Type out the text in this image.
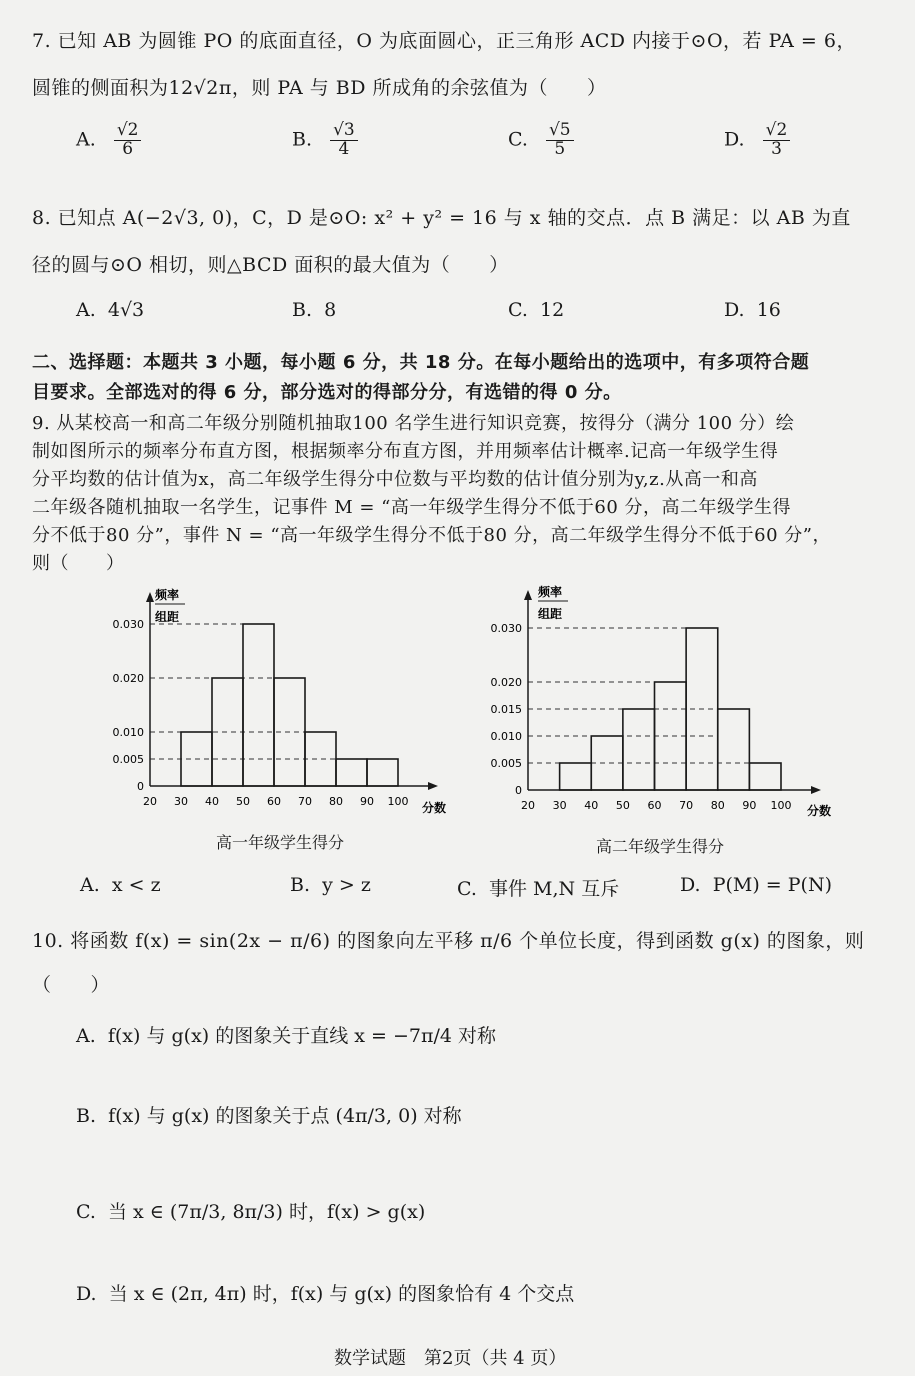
7. 已知 AB 为圆锥 PO 的底面直径，O 为底面圆心，正三角形 ACD 内接于⊙O，若 PA = 6，
圆锥的侧面积为12√2π，则 PA 与 BD 所成角的余弦值为（　　）
A. $\frac{√2}{6}$	B. $\frac{√3}{4}$	C. $\frac{√5}{5}$	D. $\frac{√2}{3}$
8. 已知点 A(−2√3, 0)，C，D 是⊙O: x² + y² = 16 与 x 轴的交点．点 B 满足：以 AB 为直
径的圆与⊙O 相切，则△BCD 面积的最大值为（　　）
A. 4√3	B. 8	C. 12	D. 16
二、选择题：本题共 3 小题，每小题 6 分，共 18 分。在每小题给出的选项中，有多项符合题
目要求。全部选对的得 6 分，部分选对的得部分分，有选错的得 0 分。
9. 从某校高一和高二年级分别随机抽取100 名学生进行知识竞赛，按得分（满分 100 分）绘
制如图所示的频率分布直方图，根据频率分布直方图，并用频率估计概率.记高一年级学生得
分平均数的估计值为x，高二年级学生得分中位数与平均数的估计值分别为y,z.从高一和高
二年级各随机抽取一名学生，记事件 M = “高一年级学生得分不低于60 分，高二年级学生得
分不低于80 分”，事件 N = “高一年级学生得分不低于80 分，高二年级学生得分不低于60 分”，
则（　　）
0
0.005
0.010
0.020
0.030
20 30 40 50 60 70 80 90 100
频率
组距
分数
高一年级学生得分
0
0.005
0.010
0.015
0.020
0.030
20 30 40 50 60 70 80 90 100
频率
组距
分数
高二年级学生得分
A. x < z	B. y > z	C. 事件 M,N 互斥	D. P(M) = P(N)
10. 将函数 f(x) = sin(2x − π/6) 的图象向左平移 π/6 个单位长度，得到函数 g(x) 的图象，则
（　　）
A. f(x) 与 g(x) 的图象关于直线 x = −7π/4 对称
B. f(x) 与 g(x) 的图象关于点 (4π/3, 0) 对称
C. 当 x ∈ (7π/3, 8π/3) 时，f(x) > g(x)
D. 当 x ∈ (2π, 4π) 时，f(x) 与 g(x) 的图象恰有 4 个交点
数学试题　第2页（共 4 页）
